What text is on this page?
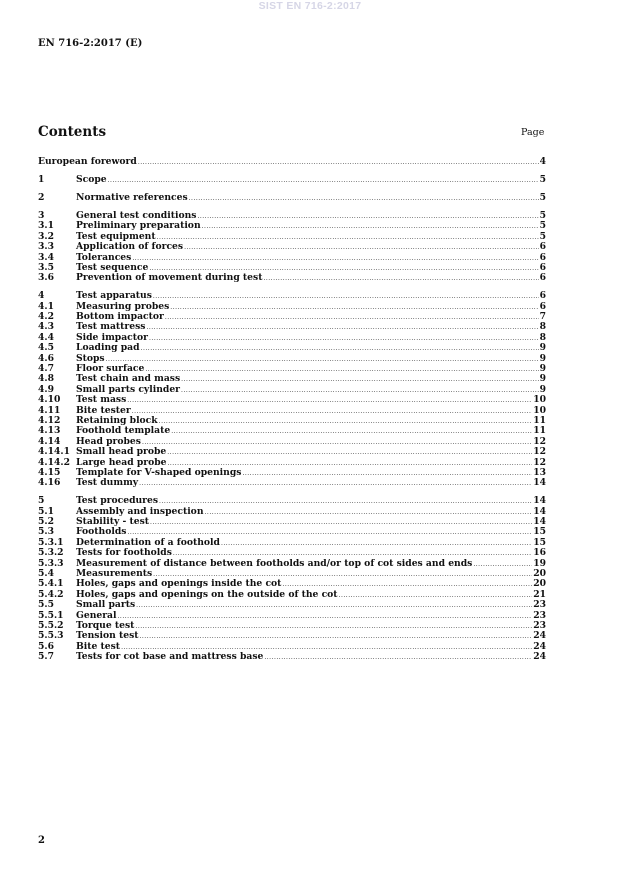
SIST EN 716-2:2017
EN 716-2:2017 (E)
Contents	Page
European foreword .....	4
1	Scope .....	5
2	Normative references .....	5
3	General test conditions .....	5
3.1	Preliminary preparation .....	5
3.2	Test equipment .....	5
3.3	Application of forces .....	6
3.4	Tolerances .....	6
3.5	Test sequence .....	6
3.6	Prevention of movement during test .....	6
4	Test apparatus .....	6
4.1	Measuring probes .....	6
4.2	Bottom impactor .....	7
4.3	Test mattress .....	8
4.4	Side impactor .....	8
4.5	Loading pad .....	9
4.6	Stops .....	9
4.7	Floor surface .....	9
4.8	Test chain and mass .....	9
4.9	Small parts cylinder .....	9
4.10	Test mass .....	10
4.11	Bite tester .....	10
4.12	Retaining block .....	11
4.13	Foothold template .....	11
4.14	Head probes .....	12
4.14.1 Small head probe .....	12
4.14.2 Large head probe .....	12
4.15	Template for V-shaped openings .....	13
4.16	Test dummy .....	14
5	Test procedures .....	14
5.1	Assembly and inspection .....	14
5.2	Stability - test .....	14
5.3	Footholds .....	15
5.3.1	Determination of a foothold .....	15
5.3.2	Tests for footholds .....	16
5.3.3	Measurement of distance between footholds and/or top of cot sides and ends .....	19
5.4	Measurements .....	20
5.4.1	Holes, gaps and openings inside the cot .....	20
5.4.2	Holes, gaps and openings on the outside of the cot .....	21
5.5	Small parts .....	23
5.5.1	General .....	23
5.5.2	Torque test .....	23
5.5.3	Tension test .....	24
5.6	Bite test .....	24
5.7	Tests for cot base and mattress base .....	24
2
